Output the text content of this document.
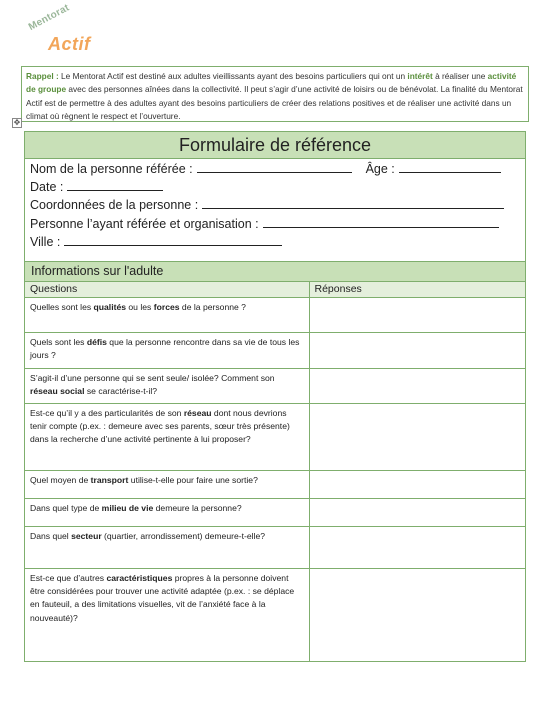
Mentorat
Actif
Rappel : Le Mentorat Actif est destiné aux adultes vieillissants ayant des besoins particuliers qui ont un intérêt à réaliser une activité de groupe avec des personnes aînées dans la collectivité. Il peut s’agir d’une activité de loisirs ou de bénévolat. La finalité du Mentorat Actif est de permettre à des adultes ayant des besoins particuliers de créer des relations positives et de réaliser une activité dans un climat où règnent le respect et l’ouverture.
✥
Formulaire de référence
Nom de la personne référée :	Âge :
Date :
Coordonnées de la personne :
Personne l’ayant référée et organisation :
Ville :
Informations sur l'adulte
Questions	Réponses
Quelles sont les qualités ou les forces de la personne ?	
Quels sont les défis que la personne rencontre dans sa vie de tous les jours ?	
S’agit-il d’une personne qui se sent seule/ isolée? Comment son réseau social se caractérise-t-il?	
Est-ce qu’il y a des particularités de son réseau dont nous devrions tenir compte (p.ex. : demeure avec ses parents, sœur très présente) dans la recherche d’une activité pertinente à lui proposer?	
Quel moyen de transport utilise-t-elle pour faire une sortie?	
Dans quel type de milieu de vie demeure la personne?	
Dans quel secteur (quartier, arrondissement) demeure-t-elle?	
Est-ce que d’autres caractéristiques propres à la personne doivent être considérées pour trouver une activité adaptée (p.ex. : se déplace en fauteuil, a des limitations visuelles, vit de l’anxiété face à la nouveauté)?	
